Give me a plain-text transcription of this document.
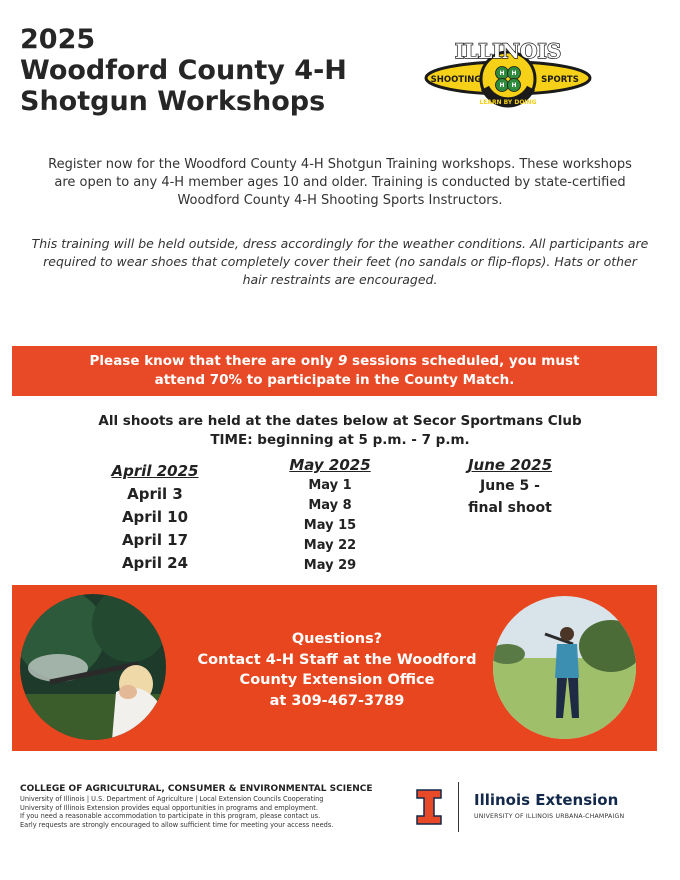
2025
Woodford County 4-H
Shotgun Workshops
ILLINOIS
SHOOTING	SPORTS
H H
H H
LEARN BY DOING
Register now for the Woodford County 4-H Shotgun Training workshops. These workshops
are open to any 4-H member ages 10 and older. Training is conducted by state-certified
Woodford County 4-H Shooting Sports Instructors.
This training will be held outside, dress accordingly for the weather conditions. All participants are
required to wear shoes that completely cover their feet (no sandals or flip-flops). Hats or other
hair restraints are encouraged.
Please know that there are only 9 sessions scheduled, you must
attend 70% to participate in the County Match.
All shoots are held at the dates below at Secor Sportmans Club
TIME: beginning at 5 p.m. - 7 p.m.
April 2025
April 3
April 10
April 17
April 24
May 2025
May 1
May 8
May 15
May 22
May 29
June 2025
June 5 -
final shoot
Questions?
Contact 4-H Staff at the Woodford
County Extension Office
at 309-467-3789
COLLEGE OF AGRICULTURAL, CONSUMER & ENVIRONMENTAL SCIENCE
University of Illinois | U.S. Department of Agriculture | Local Extension Councils Cooperating
University of Illinois Extension provides equal opportunities in programs and employment.
If you need a reasonable accommodation to participate in this program, please contact us.
Early requests are strongly encouraged to allow sufficient time for meeting your access needs.
Illinois Extension
UNIVERSITY OF ILLINOIS URBANA-CHAMPAIGN
